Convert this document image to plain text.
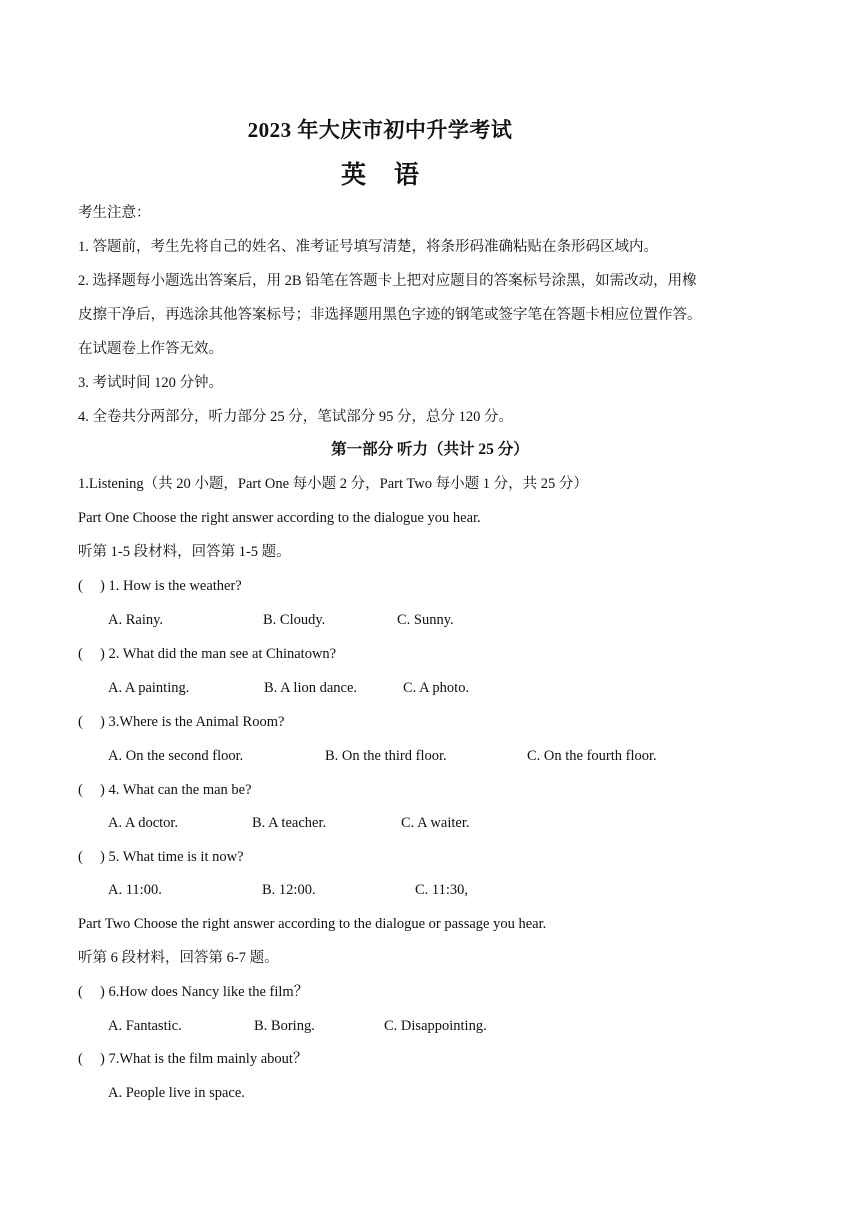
2023 年大庆市初中升学考试
英 语
考生注意：
1. 答题前，考生先将自己的姓名、准考证号填写清楚，将条形码准确粘贴在条形码区域内。
2. 选择题每小题选出答案后，用 2B 铅笔在答题卡上把对应题目的答案标号涂黑，如需改动，用橡
皮擦干净后，再选涂其他答案标号；非选择题用黑色字迹的钢笔或签字笔在答题卡相应位置作答。
在试题卷上作答无效。
3. 考试时间 120 分钟。
4. 全卷共分两部分，听力部分 25 分，笔试部分 95 分，总分 120 分。
第一部分 听力（共计 25 分）
1.Listening（共 20 小题，Part One 每小题 2 分，Part Two 每小题 1 分，共 25 分）
Part One Choose the right answer according to the dialogue you hear.
听第 1-5 段材料，回答第 1-5 题。
( ) 1. How is the weather?
A. Rainy.	B. Cloudy.	C. Sunny.
( ) 2. What did the man see at Chinatown?
A. A painting.	B. A lion dance.	C. A photo.
( ) 3.Where is the Animal Room?
A. On the second floor.	B. On the third floor.	C. On the fourth floor.
( ) 4. What can the man be?
A. A doctor.	B. A teacher.	C. A waiter.
( ) 5. What time is it now?
A. 11:00.	B. 12:00.	C. 11:30,
Part Two Choose the right answer according to the dialogue or passage you hear.
听第 6 段材料，回答第 6-7 题。
( ) 6.How does Nancy like the film？
A. Fantastic.	B. Boring.	C. Disappointing.
( ) 7.What is the film mainly about？
A. People live in space.
